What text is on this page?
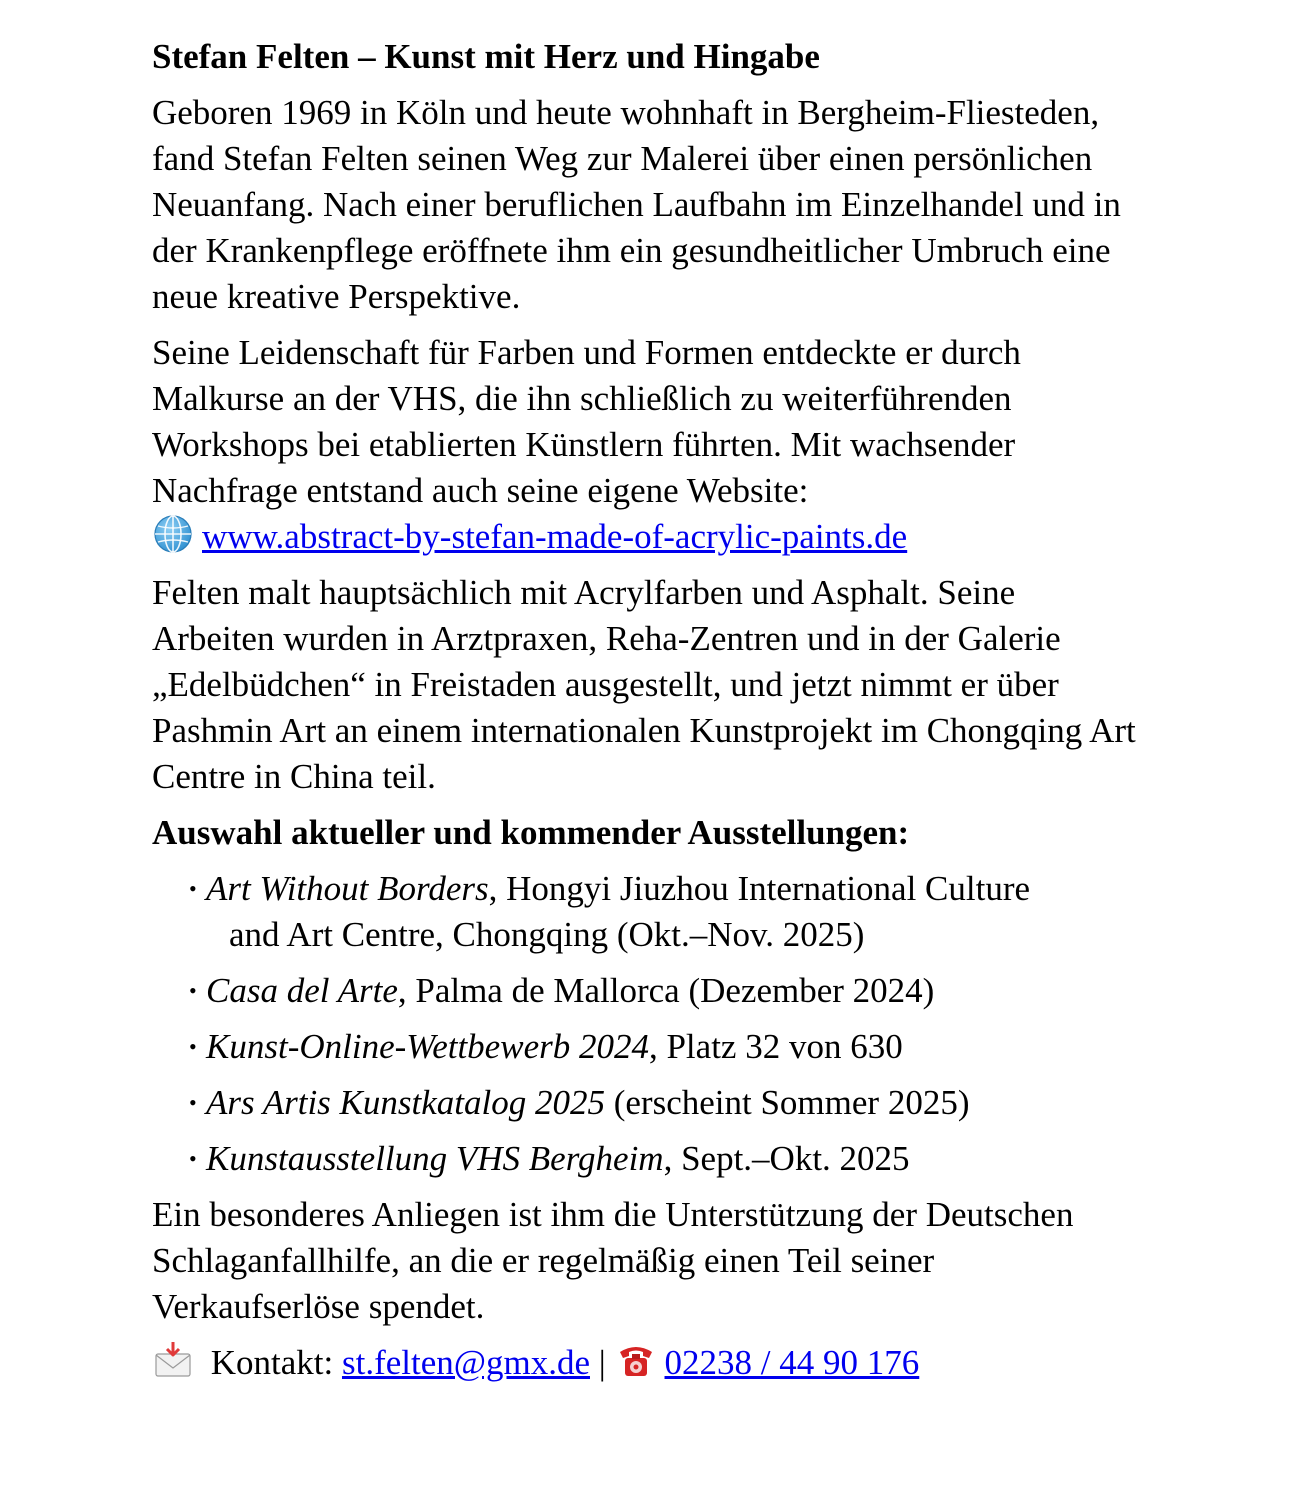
Stefan Felten – Kunst mit Herz und Hingabe

Geboren 1969 in Köln und heute wohnhaft in Bergheim-Fliesteden, fand Stefan Felten seinen Weg zur Malerei über einen persönlichen Neuanfang. Nach einer beruflichen Laufbahn im Einzelhandel und in der Krankenpflege eröffnete ihm ein gesundheitlicher Umbruch eine neue kreative Perspektive.

Seine Leidenschaft für Farben und Formen entdeckte er durch Malkurse an der VHS, die ihn schließlich zu weiterführenden Workshops bei etablierten Künstlern führten. Mit wachsender Nachfrage entstand auch seine eigene Website:

www.abstract-by-stefan-made-of-acrylic-paints.de

Felten malt hauptsächlich mit Acrylfarben und Asphalt. Seine Arbeiten wurden in Arztpraxen, Reha-Zentren und in der Galerie „Edelbüdchen“ in Freistaden ausgestellt, und jetzt nimmt er über Pashmin Art an einem internationalen Kunstprojekt im Chongqing Art Centre in China teil.

Auswahl aktueller und kommender Ausstellungen:
• Art Without Borders, Hongyi Jiuzhou International Culture
and Art Centre, Chongqing (Okt.–Nov. 2025)
• Casa del Arte, Palma de Mallorca (Dezember 2024)
• Kunst-Online-Wettbewerb 2024, Platz 32 von 630
• Ars Artis Kunstkatalog 2025 (erscheint Sommer 2025)
• Kunstausstellung VHS Bergheim, Sept.–Okt. 2025

Ein besonderes Anliegen ist ihm die Unterstützung der Deutschen Schlaganfallhilfe, an die er regelmäßig einen Teil seiner Verkaufserlöse spendet.

Kontakt: st.felten@gmx.de |
02238 / 44 90 176
